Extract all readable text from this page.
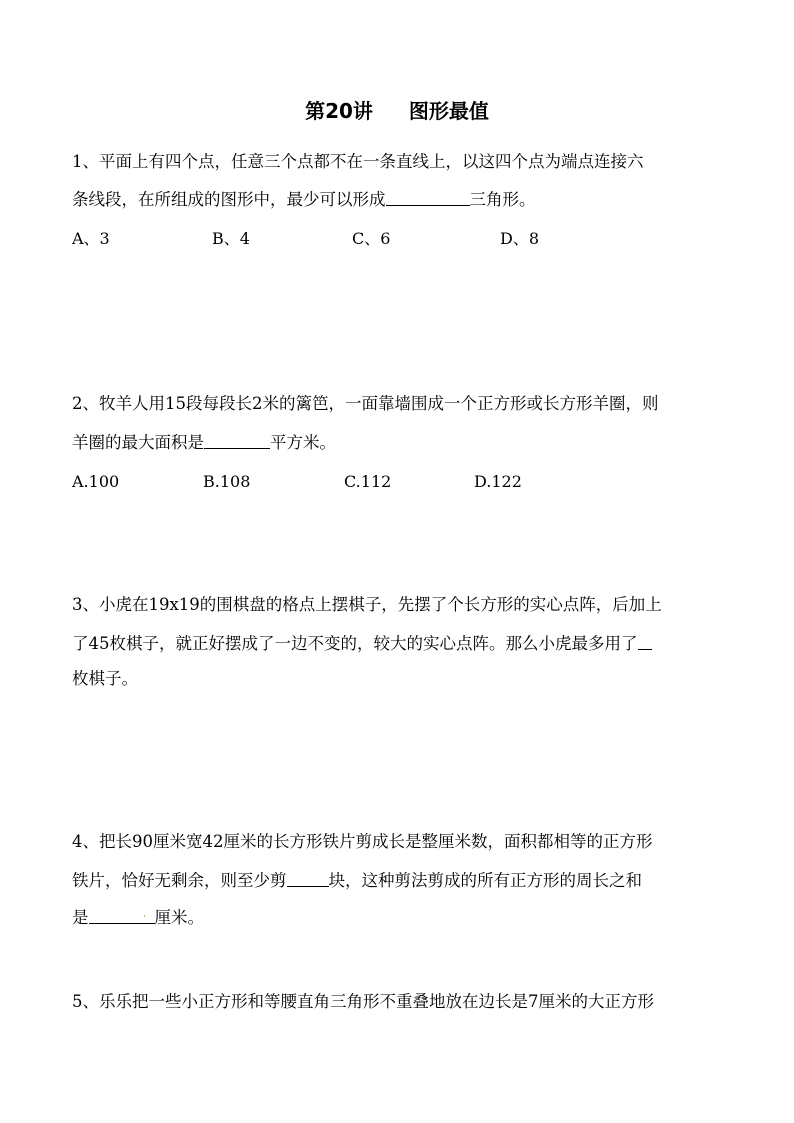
第20讲 图形最值
1、平面上有四个点，任意三个点都不在一条直线上，以这四个点为端点连接六
条线段，在所组成的图形中，最少可以形成	三角形。
A、3	B、4	C、6	D、8
2、牧羊人用15段每段长2米的篱笆，一面靠墙围成一个正方形或长方形羊圈，则
羊圈的最大面积是	平方米。
A.100	B.108	C.112	D.122
3、小虎在19x19的围棋盘的格点上摆棋子，先摆了个长方形的实心点阵，后加上
了45枚棋子，就正好摆成了一边不变的，较大的实心点阵。那么小虎最多用了
枚棋子。
4、把长90厘米宽42厘米的长方形铁片剪成长是整厘米数，面积都相等的正方形
铁片，恰好无剩余，则至少剪	块，这种剪法剪成的所有正方形的周长之和
是	. 厘米。
5、乐乐把一些小正方形和等腰直角三角形不重叠地放在边长是7厘米的大正方形
